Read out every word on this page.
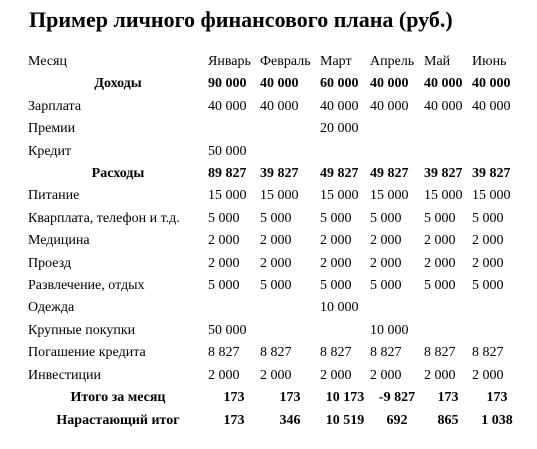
Пример личного финансового плана (руб.)
Месяц	Январь	Февраль	Март	Апрель	Май	Июнь
Доходы	90 000	40 000	60 000	40 000	40 000	40 000
Зарплата	40 000	40 000	40 000	40 000	40 000	40 000
Премии			20 000			
Кредит	50 000					
Расходы	89 827	39 827	49 827	49 827	39 827	39 827
Питание	15 000	15 000	15 000	15 000	15 000	15 000
Кварплата, телефон и т.д.	5 000	5 000	5 000	5 000	5 000	5 000
Медицина	2 000	2 000	2 000	2 000	2 000	2 000
Проезд	2 000	2 000	2 000	2 000	2 000	2 000
Развлечение, отдых	5 000	5 000	5 000	5 000	5 000	5 000
Одежда			10 000			
Крупные покупки	50 000			10 000		
Погашение кредита	8 827	8 827	8 827	8 827	8 827	8 827
Инвестиции	2 000	2 000	2 000	2 000	2 000	2 000
Итого за месяц	173	173	10 173	-9 827	173	173
Нарастающий итог	173	346	10 519	692	865	1 038
